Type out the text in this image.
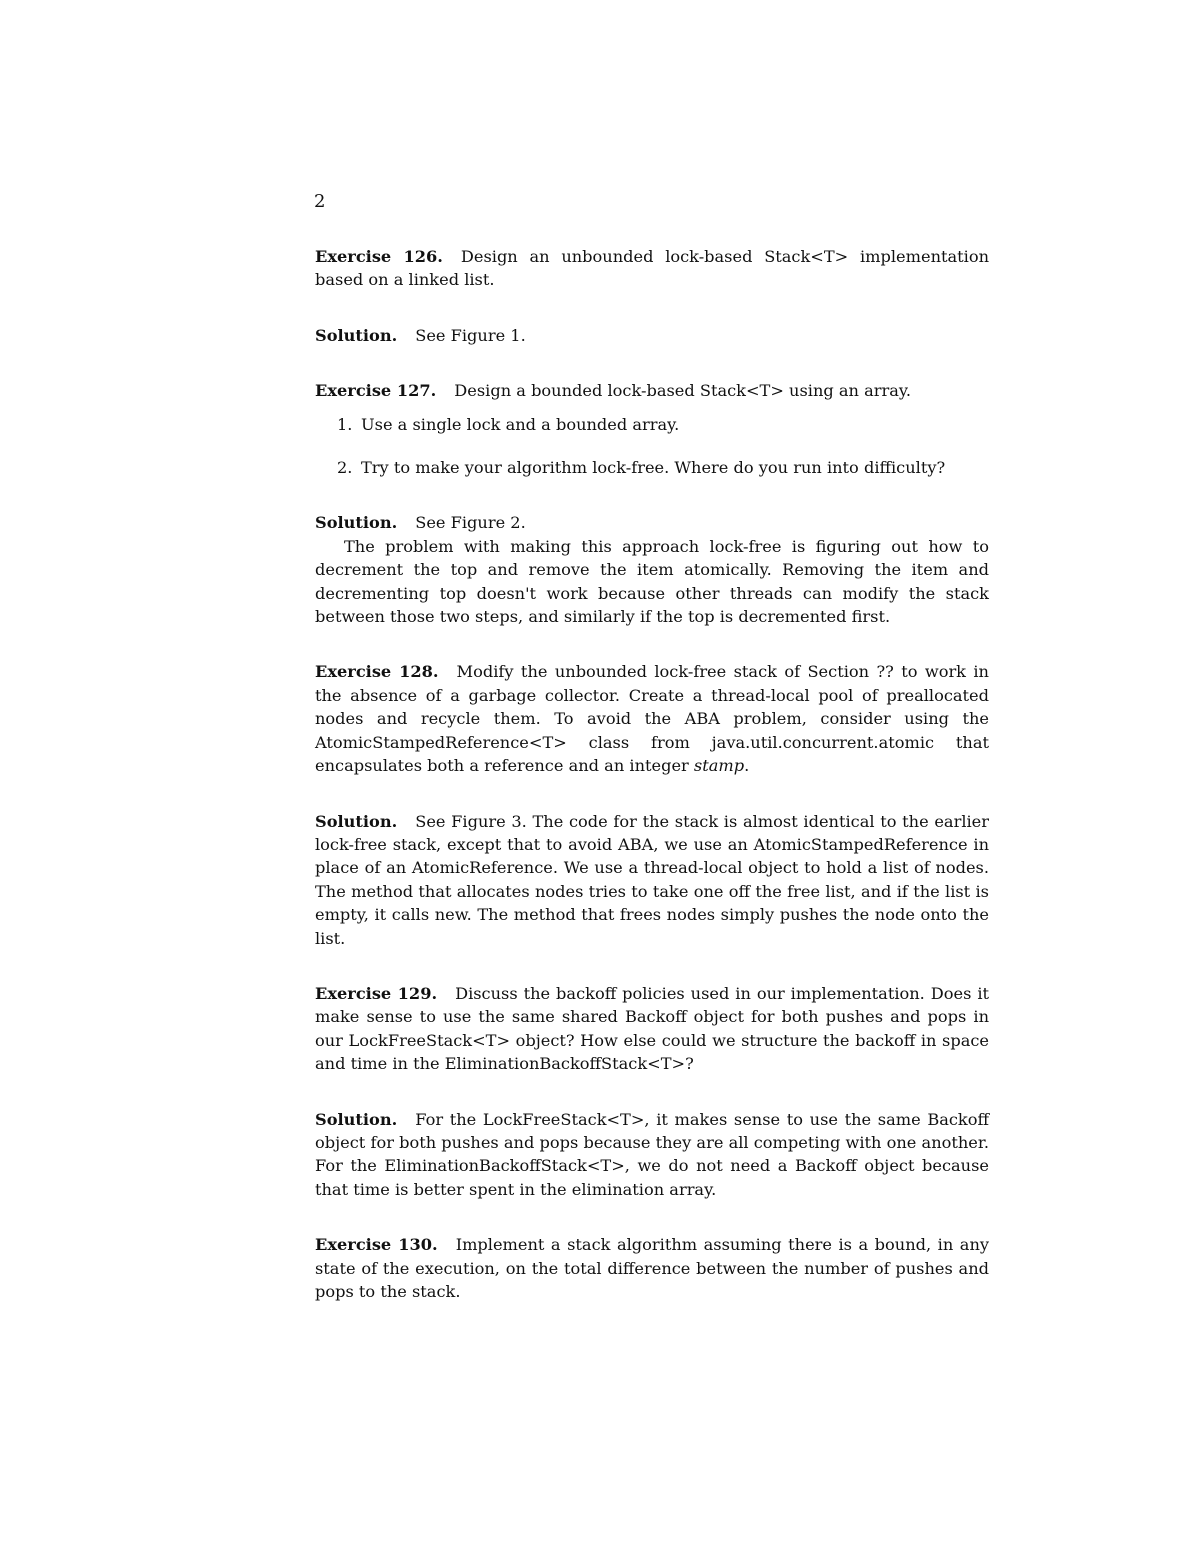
2

Exercise 126. Design an unbounded lock-based Stack<T> implementation based on a linked list.

Solution. See Figure 1.

Exercise 127. Design a bounded lock-based Stack<T> using an array.

1. Use a single lock and a bounded array.
2. Try to make your algorithm lock-free. Where do you run into difficulty?

Solution. See Figure 2.

The problem with making this approach lock-free is figuring out how to decrement the top and remove the item atomically. Removing the item and decrementing top doesn't work because other threads can modify the stack between those two steps, and similarly if the top is decremented first.

Exercise 128. Modify the unbounded lock-free stack of Section ?? to work in the absence of a garbage collector. Create a thread-local pool of preallocated nodes and recycle them. To avoid the ABA problem, consider using the AtomicStampedReference<T> class from java.util.concurrent.atomic that encapsulates both a reference and an integer stamp.

Solution. See Figure 3. The code for the stack is almost identical to the earlier lock-free stack, except that to avoid ABA, we use an AtomicStampedReference in place of an AtomicReference. We use a thread-local object to hold a list of nodes. The method that allocates nodes tries to take one off the free list, and if the list is empty, it calls new. The method that frees nodes simply pushes the node onto the list.

Exercise 129. Discuss the backoff policies used in our implementation. Does it make sense to use the same shared Backoff object for both pushes and pops in our LockFreeStack<T> object? How else could we structure the backoff in space and time in the EliminationBackoffStack<T>?

Solution. For the LockFreeStack<T>, it makes sense to use the same Backoff object for both pushes and pops because they are all competing with one another. For the EliminationBackoffStack<T>, we do not need a Backoff object because that time is better spent in the elimination array.

Exercise 130. Implement a stack algorithm assuming there is a bound, in any state of the execution, on the total difference between the number of pushes and pops to the stack.
